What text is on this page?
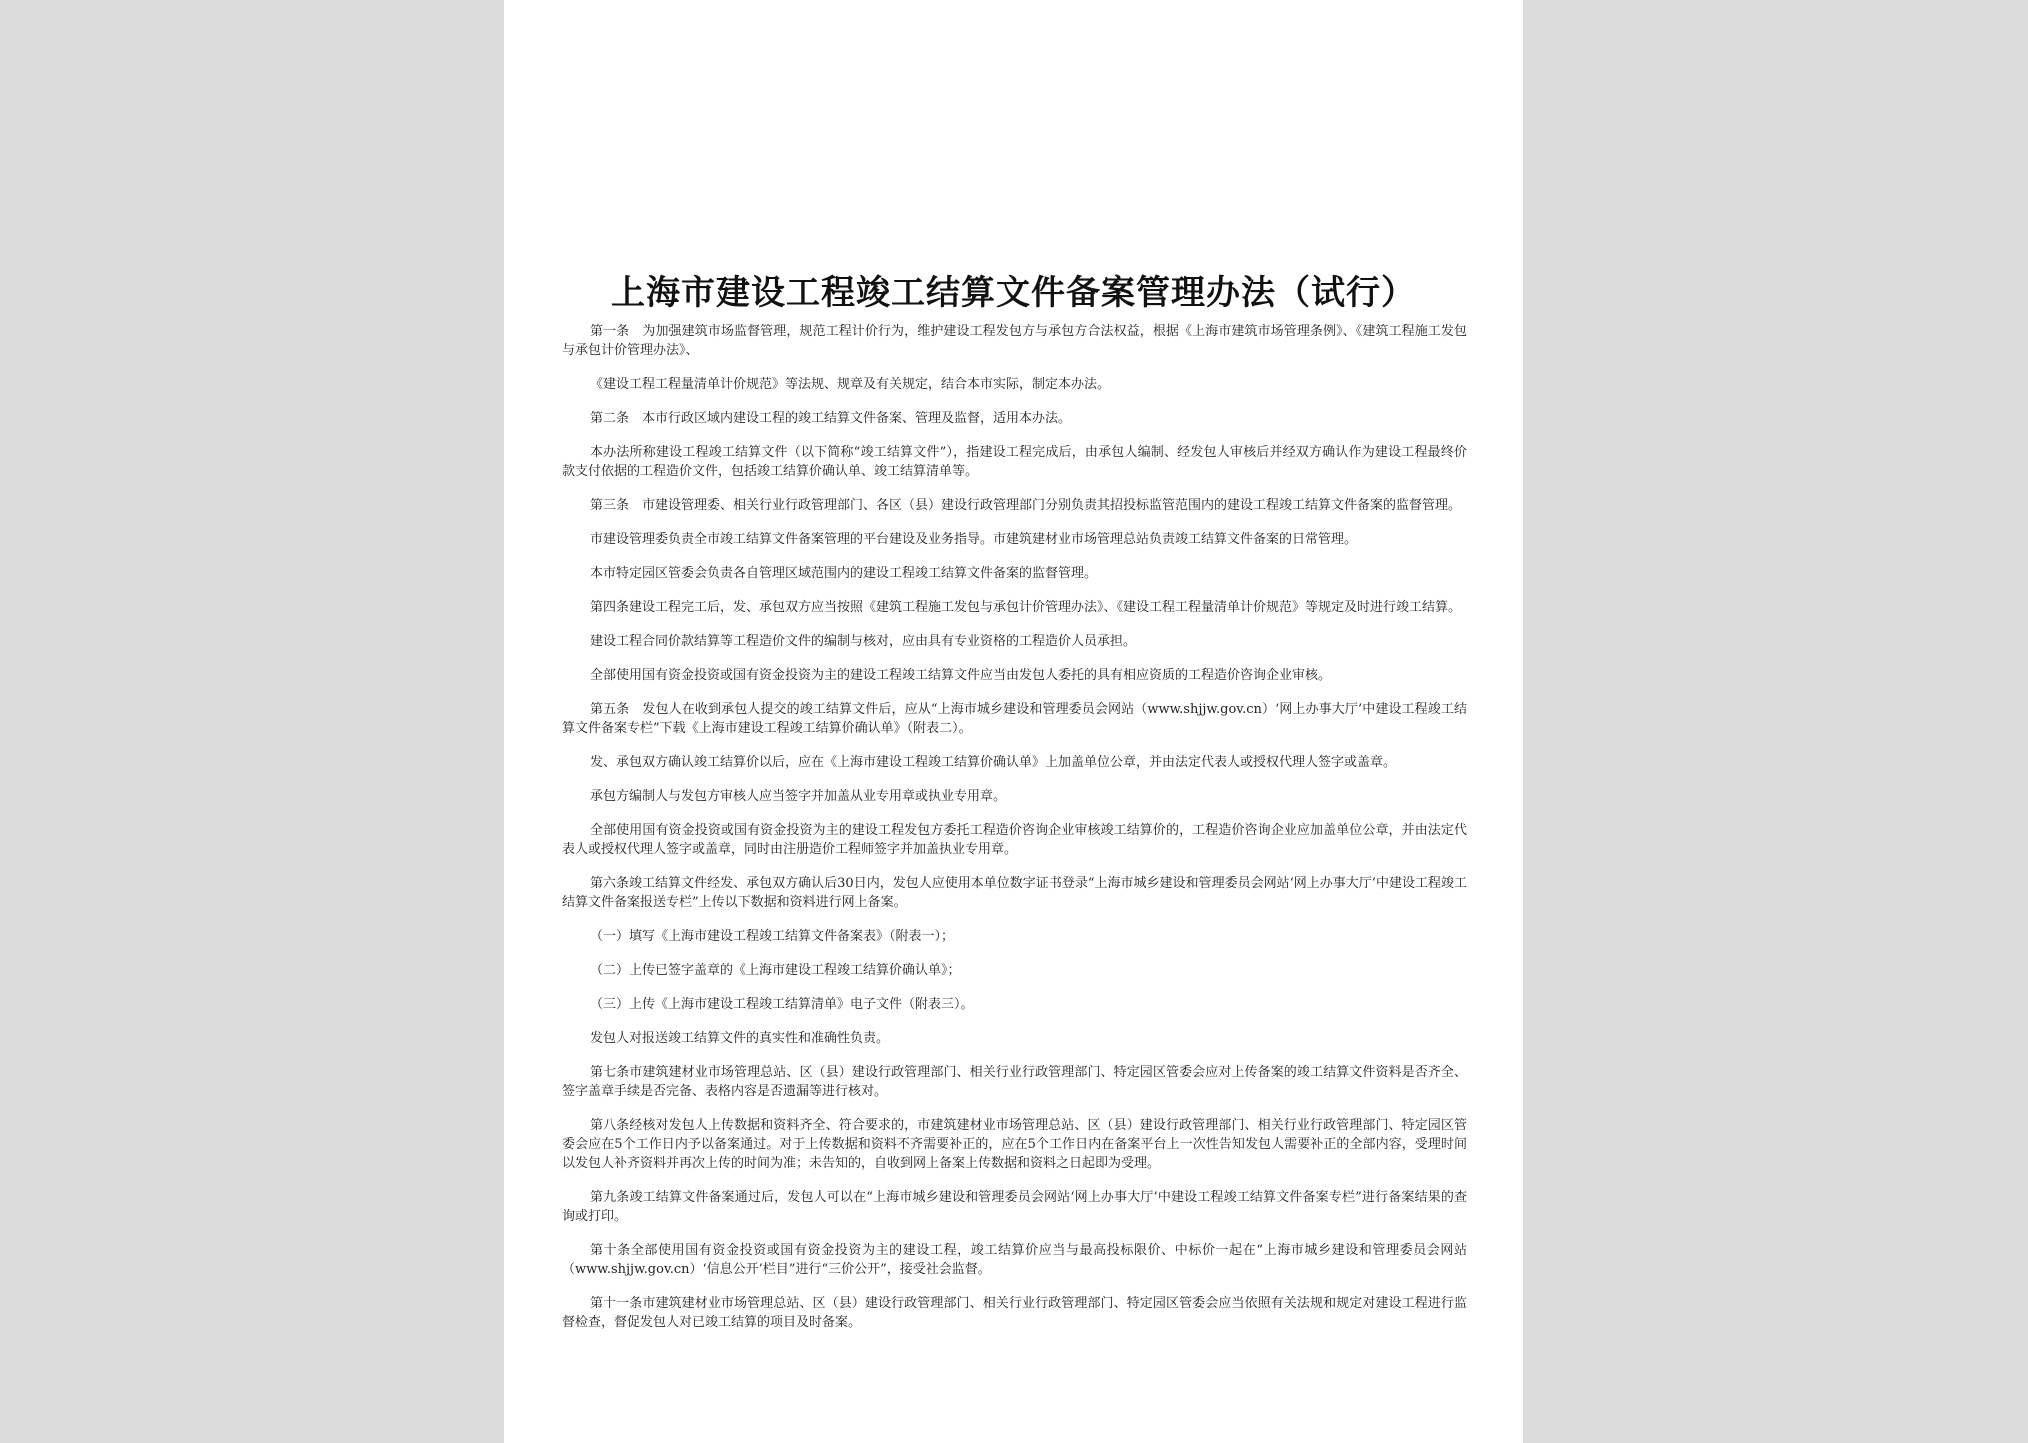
上海市建设工程竣工结算文件备案管理办法（试行）

第一条　为加强建筑市场监督管理，规范工程计价行为，维护建设工程发包方与承包方合法权益，根据《上海市建筑市场管理条例》、《建筑工程施工发包与承包计价管理办法》、

《建设工程工程量清单计价规范》等法规、规章及有关规定，结合本市实际，制定本办法。

第二条　本市行政区域内建设工程的竣工结算文件备案、管理及监督，适用本办法。

本办法所称建设工程竣工结算文件（以下简称“竣工结算文件”），指建设工程完成后，由承包人编制、经发包人审核后并经双方确认作为建设工程最终价款支付依据的工程造价文件，包括竣工结算价确认单、竣工结算清单等。

第三条　市建设管理委、相关行业行政管理部门、各区（县）建设行政管理部门分别负责其招投标监管范围内的建设工程竣工结算文件备案的监督管理。

市建设管理委负责全市竣工结算文件备案管理的平台建设及业务指导。市建筑建材业市场管理总站负责竣工结算文件备案的日常管理。

本市特定园区管委会负责各自管理区域范围内的建设工程竣工结算文件备案的监督管理。

第四条建设工程完工后，发、承包双方应当按照《建筑工程施工发包与承包计价管理办法》、《建设工程工程量清单计价规范》等规定及时进行竣工结算。

建设工程合同价款结算等工程造价文件的编制与核对，应由具有专业资格的工程造价人员承担。

全部使用国有资金投资或国有资金投资为主的建设工程竣工结算文件应当由发包人委托的具有相应资质的工程造价咨询企业审核。

第五条　发包人在收到承包人提交的竣工结算文件后，应从“上海市城乡建设和管理委员会网站（www.shjjw.gov.cn）‘网上办事大厅’中建设工程竣工结算文件备案专栏”下载《上海市建设工程竣工结算价确认单》（附表二）。

发、承包双方确认竣工结算价以后，应在《上海市建设工程竣工结算价确认单》上加盖单位公章，并由法定代表人或授权代理人签字或盖章。

承包方编制人与发包方审核人应当签字并加盖从业专用章或执业专用章。

全部使用国有资金投资或国有资金投资为主的建设工程发包方委托工程造价咨询企业审核竣工结算价的，工程造价咨询企业应加盖单位公章，并由法定代表人或授权代理人签字或盖章，同时由注册造价工程师签字并加盖执业专用章。

第六条竣工结算文件经发、承包双方确认后30日内，发包人应使用本单位数字证书登录“上海市城乡建设和管理委员会网站‘网上办事大厅’中建设工程竣工结算文件备案报送专栏”上传以下数据和资料进行网上备案。

（一）填写《上海市建设工程竣工结算文件备案表》（附表一）；

（二）上传已签字盖章的《上海市建设工程竣工结算价确认单》；

（三）上传《上海市建设工程竣工结算清单》电子文件（附表三）。

发包人对报送竣工结算文件的真实性和准确性负责。

第七条市建筑建材业市场管理总站、区（县）建设行政管理部门、相关行业行政管理部门、特定园区管委会应对上传备案的竣工结算文件资料是否齐全、签字盖章手续是否完备、表格内容是否遗漏等进行核对。

第八条经核对发包人上传数据和资料齐全、符合要求的，市建筑建材业市场管理总站、区（县）建设行政管理部门、相关行业行政管理部门、特定园区管委会应在5个工作日内予以备案通过。对于上传数据和资料不齐需要补正的，应在5个工作日内在备案平台上一次性告知发包人需要补正的全部内容，受理时间以发包人补齐资料并再次上传的时间为准；未告知的，自收到网上备案上传数据和资料之日起即为受理。

第九条竣工结算文件备案通过后，发包人可以在“上海市城乡建设和管理委员会网站‘网上办事大厅’中建设工程竣工结算文件备案专栏”进行备案结果的查询或打印。

第十条全部使用国有资金投资或国有资金投资为主的建设工程，竣工结算价应当与最高投标限价、中标价一起在“上海市城乡建设和管理委员会网站（www.shjjw.gov.cn）‘信息公开’栏目”进行“三价公开”，接受社会监督。

第十一条市建筑建材业市场管理总站、区（县）建设行政管理部门、相关行业行政管理部门、特定园区管委会应当依照有关法规和规定对建设工程进行监督检查，督促发包人对已竣工结算的项目及时备案。
